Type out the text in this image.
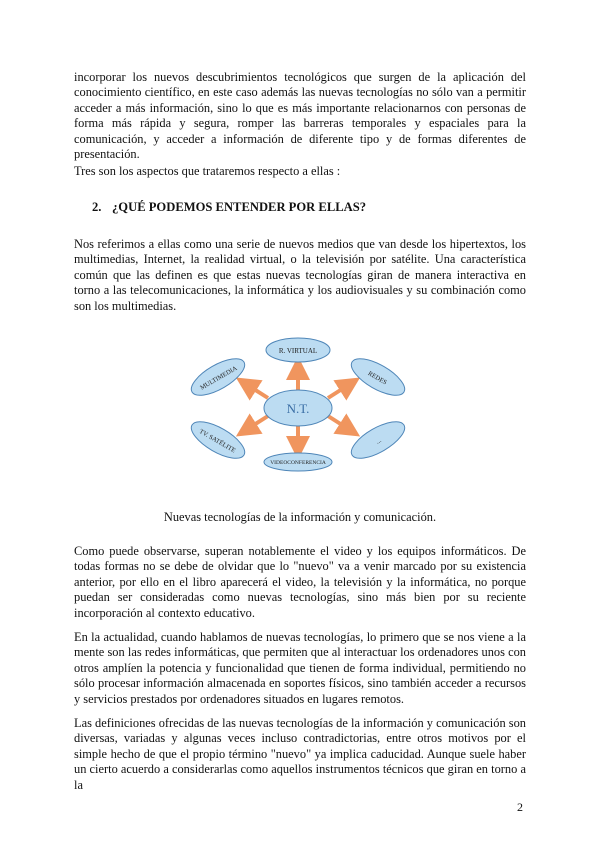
incorporar los nuevos descubrimientos tecnológicos que surgen de la aplicación del conocimiento científico, en este caso además las nuevas tecnologías no sólo van a permitir acceder a más información, sino lo que es más importante relacionarnos con personas de forma más rápida y segura, romper las barreras temporales y espaciales para la comunicación, y acceder a información de diferente tipo y de formas diferentes de presentación.

Tres son los aspectos que trataremos respecto a ellas :

2. ¿QUÉ PODEMOS ENTENDER POR ELLAS?

Nos referimos a ellas como una serie de nuevos medios que van desde los hipertextos, los multimedias, Internet, la realidad virtual, o la televisión por satélite. Una característica común que las definen es que estas nuevas tecnologías giran de manera interactiva en torno a las telecomunicaciones, la informática y los audiovisuales y su combinación como son los multimedias.

N.T.
R. VIRTUAL
VIDEOCONFERENCIA
MULTIMEDIA	REDES
TV. SATÉLITE	...

Nuevas tecnologías de la información y comunicación.

Como puede observarse, superan notablemente el video y los equipos informáticos. De todas formas no se debe de olvidar que lo "nuevo" va a venir marcado por su existencia anterior, por ello en el libro aparecerá el video, la televisión y la informática, no porque puedan ser consideradas como nuevas tecnologías, sino más bien por su reciente incorporación al contexto educativo.

En la actualidad, cuando hablamos de nuevas tecnologías, lo primero que se nos viene a la mente son las redes informáticas, que permiten que al interactuar los ordenadores unos con otros amplíen la potencia y funcionalidad que tienen de forma individual, permitiendo no sólo procesar información almacenada en soportes físicos, sino también acceder a recursos y servicios prestados por ordenadores situados en lugares remotos.

Las definiciones ofrecidas de las nuevas tecnologías de la información y comunicación son diversas, variadas y algunas veces incluso contradictorias, entre otros motivos por el simple hecho de que el propio término "nuevo" ya implica caducidad. Aunque suele haber un cierto acuerdo a considerarlas como aquellos instrumentos técnicos que giran en torno a la

2
